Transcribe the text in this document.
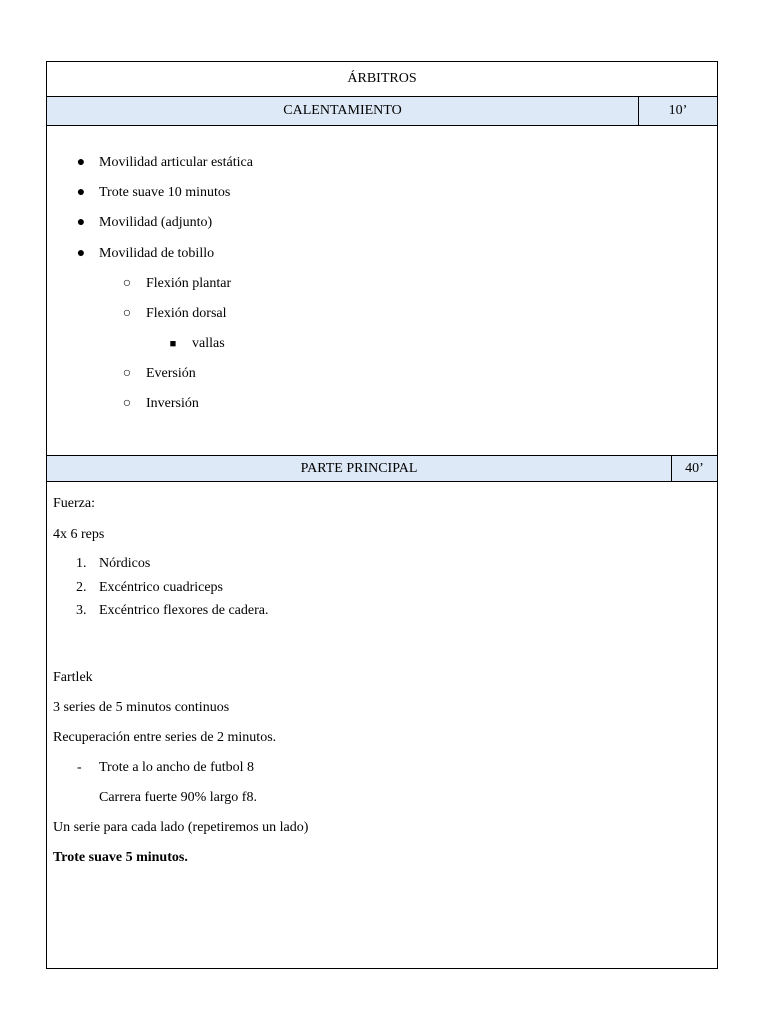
ÁRBITROS
CALENTAMIENTO	10’
● Movilidad articular estática
● Trote suave 10 minutos
● Movilidad (adjunto)
● Movilidad de tobillo
○ Flexión plantar
○ Flexión dorsal
■ vallas
○ Eversión
○ Inversión
PARTE PRINCIPAL	40’
Fuerza:
4x 6 reps
1. Nórdicos
2. Excéntrico cuadriceps
3. Excéntrico flexores de cadera.
Fartlek
3 series de 5 minutos continuos
Recuperación entre series de 2 minutos.
- Trote a lo ancho de futbol 8
Carrera fuerte 90% largo f8.
Un serie para cada lado (repetiremos un lado)
Trote suave 5 minutos.
